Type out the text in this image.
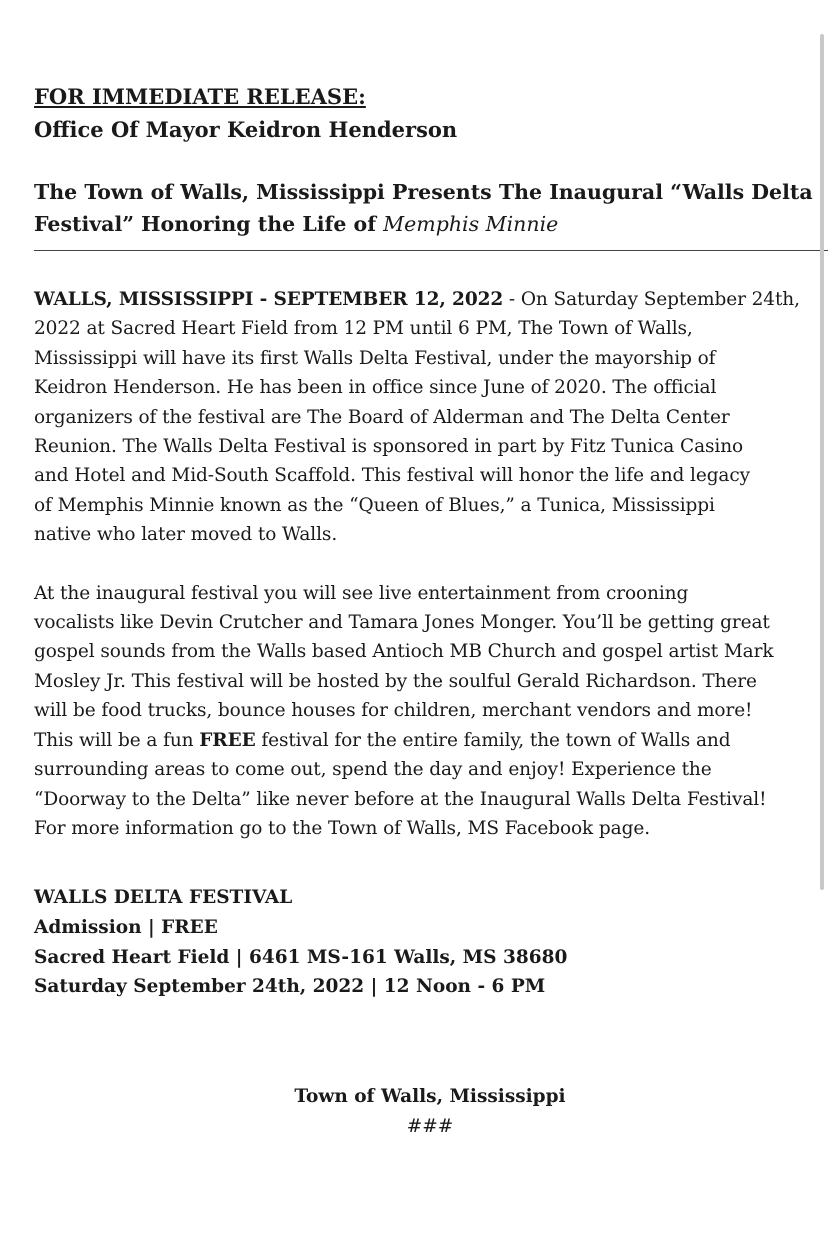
FOR IMMEDIATE RELEASE:

Office Of Mayor Keidron Henderson

The Town of Walls, Mississippi Presents The Inaugural “Walls Delta Festival” Honoring the Life of Memphis Minnie

WALLS, MISSISSIPPI - SEPTEMBER 12, 2022 - On Saturday September 24th,
2022 at Sacred Heart Field from 12 PM until 6 PM, The Town of Walls,
Mississippi will have its first Walls Delta Festival, under the mayorship of
Keidron Henderson. He has been in office since June of 2020. The official
organizers of the festival are The Board of Alderman and The Delta Center
Reunion. The Walls Delta Festival is sponsored in part by Fitz Tunica Casino
and Hotel and Mid-South Scaffold. This festival will honor the life and legacy
of Memphis Minnie known as the “Queen of Blues,” a Tunica, Mississippi
native who later moved to Walls.
At the inaugural festival you will see live entertainment from crooning
vocalists like Devin Crutcher and Tamara Jones Monger. You’ll be getting great
gospel sounds from the Walls based Antioch MB Church and gospel artist Mark
Mosley Jr. This festival will be hosted by the soulful Gerald Richardson. There
will be food trucks, bounce houses for children, merchant vendors and more!
This will be a fun FREE festival for the entire family, the town of Walls and
surrounding areas to come out, spend the day and enjoy! Experience the
“Doorway to the Delta” like never before at the Inaugural Walls Delta Festival!
For more information go to the Town of Walls, MS Facebook page.
WALLS DELTA FESTIVAL
Admission | FREE
Sacred Heart Field | 6461 MS-161 Walls, MS 38680
Saturday September 24th, 2022 | 12 Noon - 6 PM
Town of Walls, Mississippi
###
